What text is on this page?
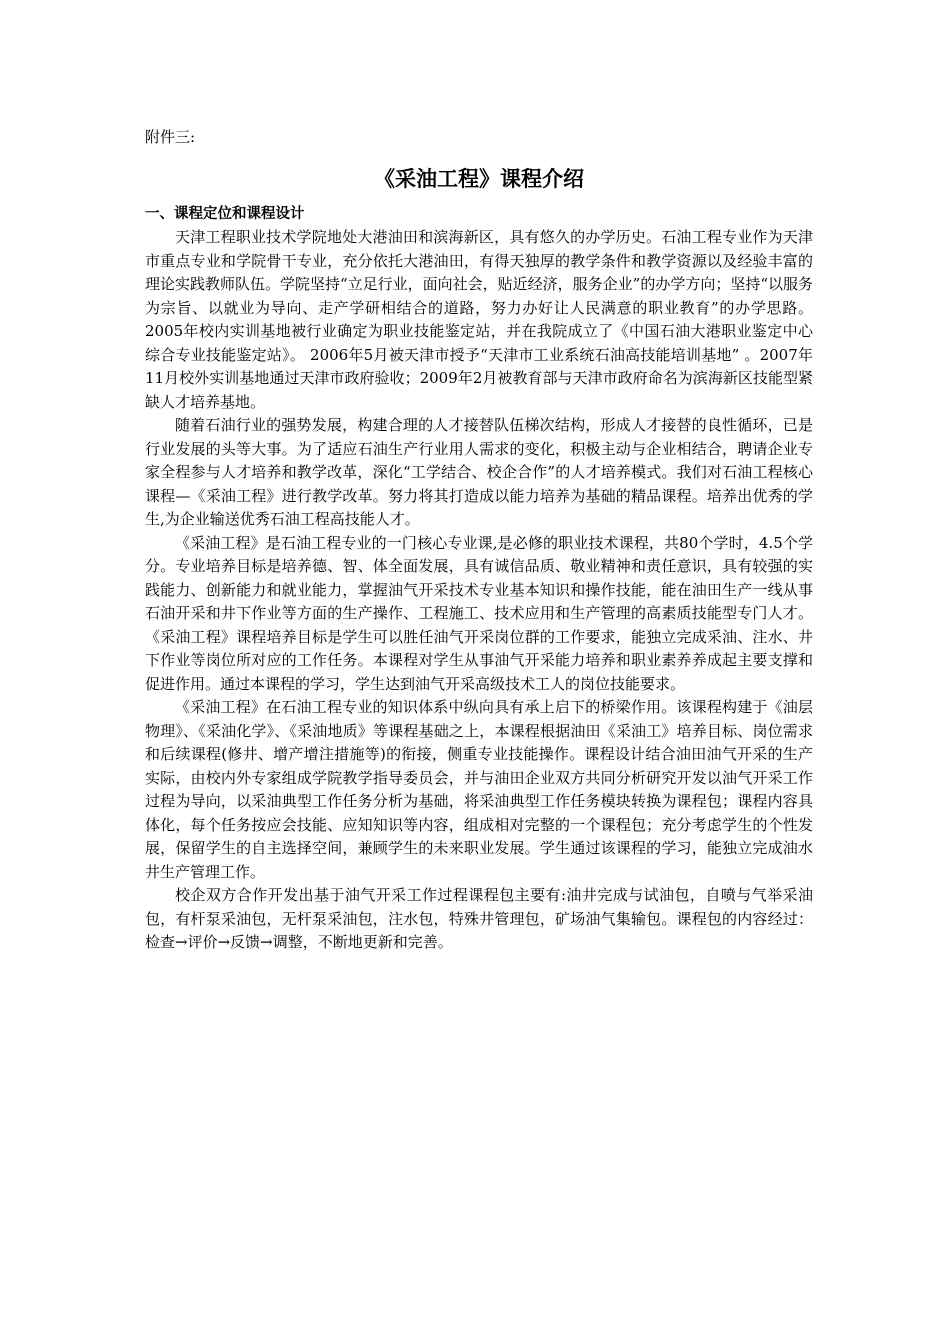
附件三:

《采油工程》课程介绍
一、课程定位和课程设计

天津工程职业技术学院地处大港油田和滨海新区，具有悠久的办学历史。石油工程专业作为天津市重点专业和学院骨干专业，充分依托大港油田，有得天独厚的教学条件和教学资源以及经验丰富的理论实践教师队伍。学院坚持“立足行业，面向社会，贴近经济，服务企业”的办学方向；坚持“以服务为宗旨、以就业为导向、走产学研相结合的道路，努力办好让人民满意的职业教育”的办学思路。2005年校内实训基地被行业确定为职业技能鉴定站，并在我院成立了《中国石油大港职业鉴定中心综合专业技能鉴定站》。 2006年5月被天津市授予“天津市工业系统石油高技能培训基地” 。2007年11月校外实训基地通过天津市政府验收；2009年2月被教育部与天津市政府命名为滨海新区技能型紧缺人才培养基地。

随着石油行业的强势发展，构建合理的人才接替队伍梯次结构，形成人才接替的良性循环，已是行业发展的头等大事。为了适应石油生产行业用人需求的变化，积极主动与企业相结合，聘请企业专家全程参与人才培养和教学改革，深化“工学结合、校企合作”的人才培养模式。我们对石油工程核心课程—《采油工程》进行教学改革。努力将其打造成以能力培养为基础的精品课程。培养出优秀的学生,为企业输送优秀石油工程高技能人才。

《采油工程》是石油工程专业的一门核心专业课,是必修的职业技术课程，共80个学时，4.5个学分。专业培养目标是培养德、智、体全面发展，具有诚信品质、敬业精神和责任意识，具有较强的实践能力、创新能力和就业能力，掌握油气开采技术专业基本知识和操作技能，能在油田生产一线从事石油开采和井下作业等方面的生产操作、工程施工、技术应用和生产管理的高素质技能型专门人才。《采油工程》课程培养目标是学生可以胜任油气开采岗位群的工作要求，能独立完成采油、注水、井下作业等岗位所对应的工作任务。本课程对学生从事油气开采能力培养和职业素养养成起主要支撑和促进作用。通过本课程的学习，学生达到油气开采高级技术工人的岗位技能要求。

《采油工程》在石油工程专业的知识体系中纵向具有承上启下的桥梁作用。该课程构建于《油层物理》、《采油化学》、《采油地质》等课程基础之上，本课程根据油田《采油工》培养目标、岗位需求和后续课程(修井、增产增注措施等)的衔接，侧重专业技能操作。课程设计结合油田油气开采的生产实际，由校内外专家组成学院教学指导委员会，并与油田企业双方共同分析研究开发以油气开采工作过程为导向，以采油典型工作任务分析为基础，将采油典型工作任务模块转换为课程包；课程内容具体化，每个任务按应会技能、应知知识等内容，组成相对完整的一个课程包；充分考虑学生的个性发展，保留学生的自主选择空间，兼顾学生的未来职业发展。学生通过该课程的学习，能独立完成油水井生产管理工作。

校企双方合作开发出基于油气开采工作过程课程包主要有:油井完成与试油包，自喷与气举采油包，有杆泵采油包，无杆泵采油包，注水包，特殊井管理包，矿场油气集输包。课程包的内容经过：检查→评价→反馈→调整，不断地更新和完善。
